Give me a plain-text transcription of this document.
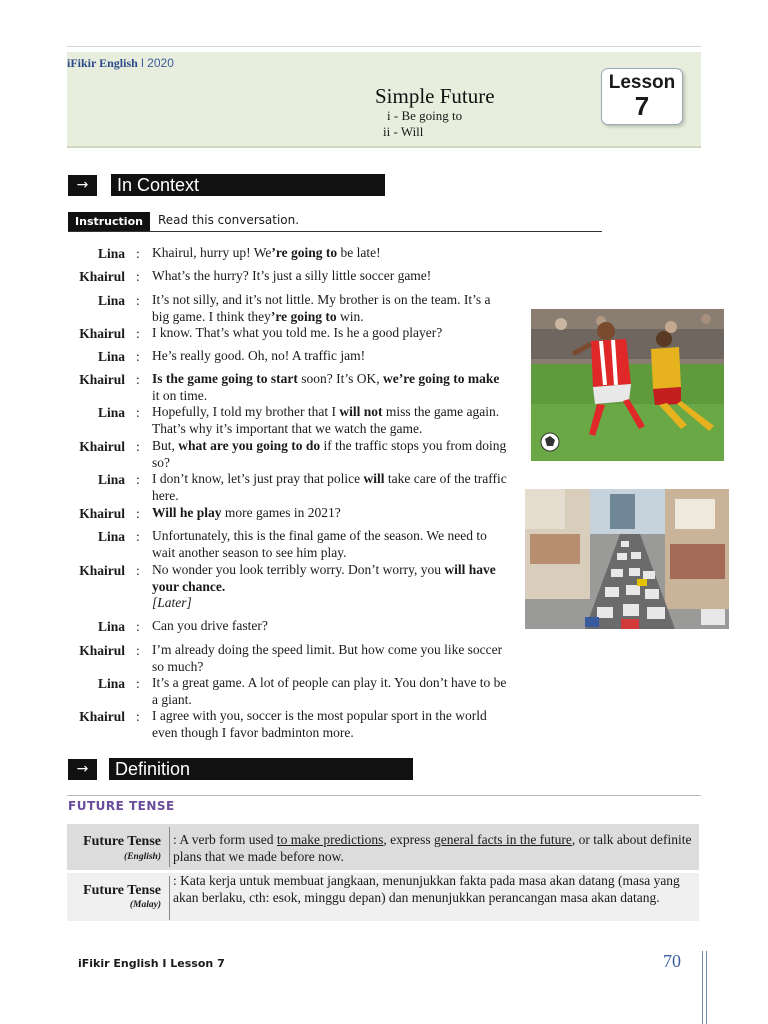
iFikir English l 2020
Simple Future
i - Be going to
ii - Will
Lesson
7
→	In Context
Instruction	Read this conversation.
Lina : Khairul, hurry up! We’re going to be late!
Khairul : What’s the hurry? It’s just a silly little soccer game!
Lina : It’s not silly, and it’s not little. My brother is on the team. It’s a big game. I think they’re going to win.
Khairul : I know. That’s what you told me. Is he a good player?
Lina : He’s really good. Oh, no! A traffic jam!
Khairul : Is the game going to start soon? It’s OK, we’re going to make it on time.
Lina : Hopefully, I told my brother that I will not miss the game again. That’s why it’s important that we watch the game.
Khairul : But, what are you going to do if the traffic stops you from doing so?
Lina : I don’t know, let’s just pray that police will take care of the traffic here.
Khairul : Will he play more games in 2021?
Lina : Unfortunately, this is the final game of the season. We need to wait another season to see him play.
Khairul : No wonder you look terribly worry. Don’t worry, you will have your chance.
[Later]
Lina : Can you drive faster?
Khairul : I’m already doing the speed limit. But how come you like soccer so much?
Lina : It’s a great game. A lot of people can play it. You don’t have to be a giant.
Khairul : I agree with you, soccer is the most popular sport in the world even though I favor badminton more.
→	Definition
FUTURE TENSE
Future Tense
(English)
: A verb form used to make predictions, express general facts in the future, or talk about definite plans that we made before now.
Future Tense
(Malay)
: Kata kerja untuk membuat jangkaan, menunjukkan fakta pada masa akan datang (masa yang akan berlaku, cth: esok, minggu depan) dan menunjukkan perancangan masa akan datang.
iFikir English I Lesson 7	70
